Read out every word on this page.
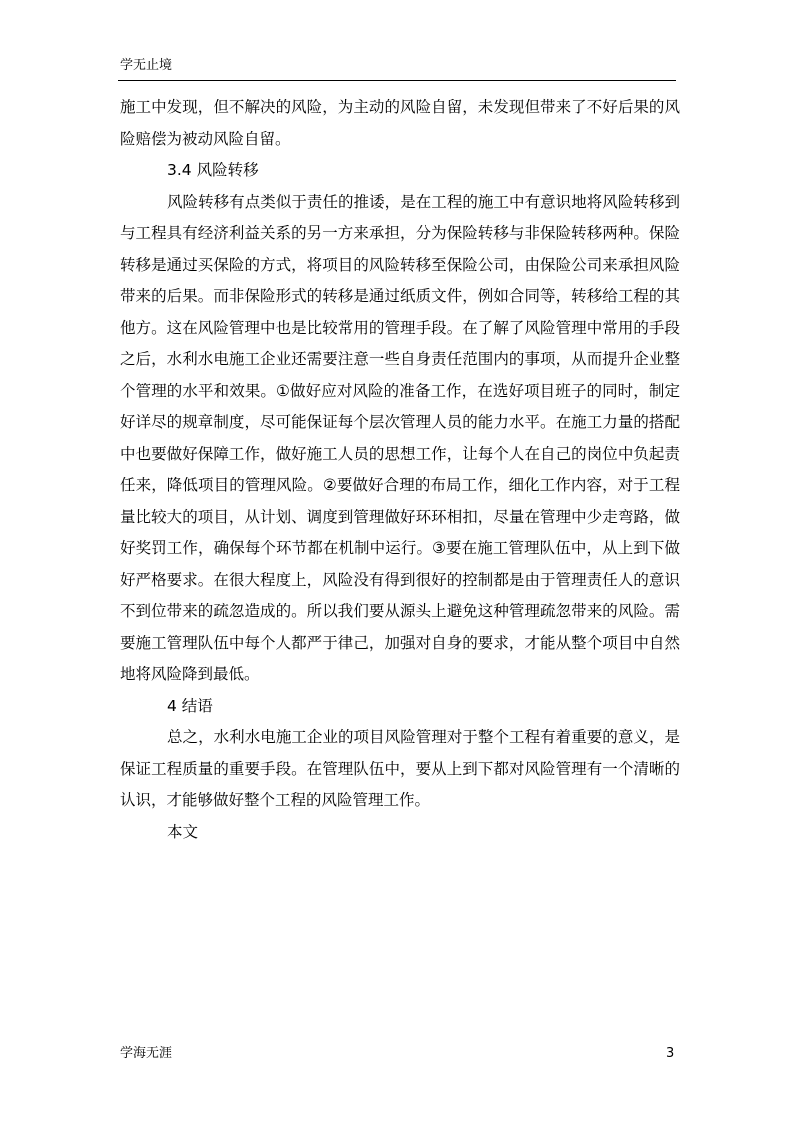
学无止境

施工中发现，但不解决的风险，为主动的风险自留，未发现但带来了不好后果的风险赔偿为被动风险自留。

3.4 风险转移

风险转移有点类似于责任的推诿，是在工程的施工中有意识地将风险转移到与工程具有经济利益关系的另一方来承担，分为保险转移与非保险转移两种。保险转移是通过买保险的方式，将项目的风险转移至保险公司，由保险公司来承担风险带来的后果。而非保险形式的转移是通过纸质文件，例如合同等，转移给工程的其他方。这在风险管理中也是比较常用的管理手段。在了解了风险管理中常用的手段之后，水利水电施工企业还需要注意一些自身责任范围内的事项，从而提升企业整个管理的水平和效果。①做好应对风险的准备工作，在选好项目班子的同时，制定好详尽的规章制度，尽可能保证每个层次管理人员的能力水平。在施工力量的搭配中也要做好保障工作，做好施工人员的思想工作，让每个人在自己的岗位中负起责任来，降低项目的管理风险。②要做好合理的布局工作，细化工作内容，对于工程量比较大的项目，从计划、调度到管理做好环环相扣，尽量在管理中少走弯路，做好奖罚工作，确保每个环节都在机制中运行。③要在施工管理队伍中，从上到下做好严格要求。在很大程度上，风险没有得到很好的控制都是由于管理责任人的意识不到位带来的疏忽造成的。所以我们要从源头上避免这种管理疏忽带来的风险。需要施工管理队伍中每个人都严于律己，加强对自身的要求，才能从整个项目中自然地将风险降到最低。

4 结语

总之，水利水电施工企业的项目风险管理对于整个工程有着重要的意义，是保证工程质量的重要手段。在管理队伍中，要从上到下都对风险管理有一个清晰的认识，才能够做好整个工程的风险管理工作。

本文

学海无涯	3
